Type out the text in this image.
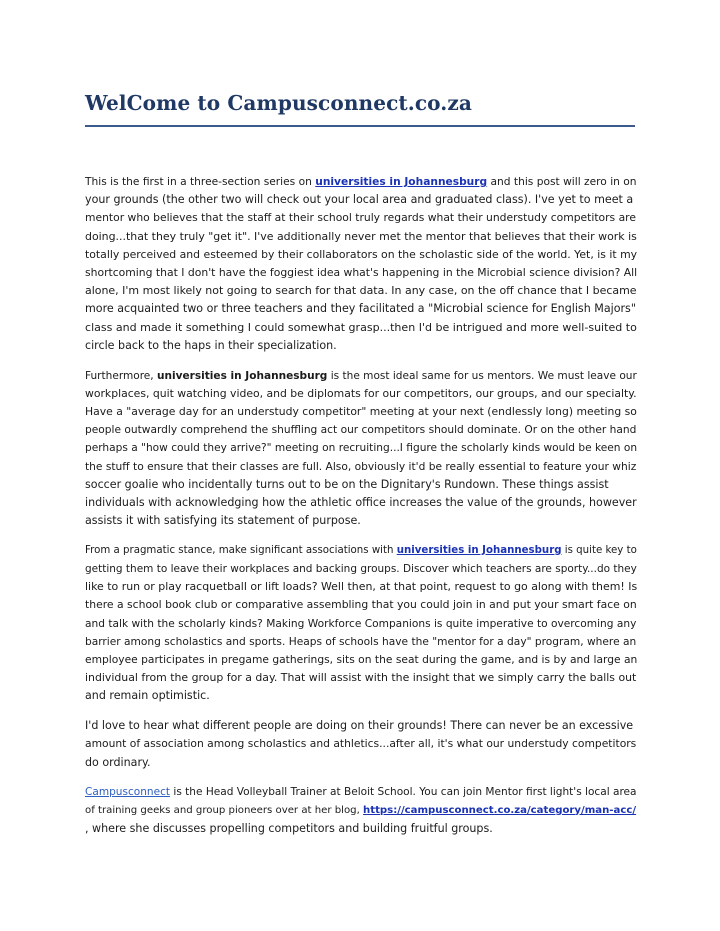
WelCome to Campusconnect.co.za

This is the first in a three-section series on universities in Johannesburg and this post will zero in on
your grounds (the other two will check out your local area and graduated class). I've yet to meet a
mentor who believes that the staff at their school truly regards what their understudy competitors are
doing...that they truly "get it". I've additionally never met the mentor that believes that their work is
totally perceived and esteemed by their collaborators on the scholastic side of the world. Yet, is it my
shortcoming that I don't have the foggiest idea what's happening in the Microbial science division? All
alone, I'm most likely not going to search for that data. In any case, on the off chance that I became
more acquainted two or three teachers and they facilitated a "Microbial science for English Majors"
class and made it something I could somewhat grasp...then I'd be intrigued and more well-suited to
circle back to the haps in their specialization.

Furthermore, universities in Johannesburg is the most ideal same for us mentors. We must leave our
workplaces, quit watching video, and be diplomats for our competitors, our groups, and our specialty.
Have a "average day for an understudy competitor" meeting at your next (endlessly long) meeting so
people outwardly comprehend the shuffling act our competitors should dominate. Or on the other hand
perhaps a "how could they arrive?" meeting on recruiting...I figure the scholarly kinds would be keen on
the stuff to ensure that their classes are full. Also, obviously it'd be really essential to feature your whiz
soccer goalie who incidentally turns out to be on the Dignitary's Rundown. These things assist
individuals with acknowledging how the athletic office increases the value of the grounds, however
assists it with satisfying its statement of purpose.

From a pragmatic stance, make significant associations with universities in Johannesburg is quite key to
getting them to leave their workplaces and backing groups. Discover which teachers are sporty...do they
like to run or play racquetball or lift loads? Well then, at that point, request to go along with them! Is
there a school book club or comparative assembling that you could join in and put your smart face on
and talk with the scholarly kinds? Making Workforce Companions is quite imperative to overcoming any
barrier among scholastics and sports. Heaps of schools have the "mentor for a day" program, where an
employee participates in pregame gatherings, sits on the seat during the game, and is by and large an
individual from the group for a day. That will assist with the insight that we simply carry the balls out
and remain optimistic.

I'd love to hear what different people are doing on their grounds! There can never be an excessive
amount of association among scholastics and athletics...after all, it's what our understudy competitors
do ordinary.

Campusconnect is the Head Volleyball Trainer at Beloit School. You can join Mentor first light's local area
of training geeks and group pioneers over at her blog, https://campusconnect.co.za/category/man-acc/
, where she discusses propelling competitors and building fruitful groups.
